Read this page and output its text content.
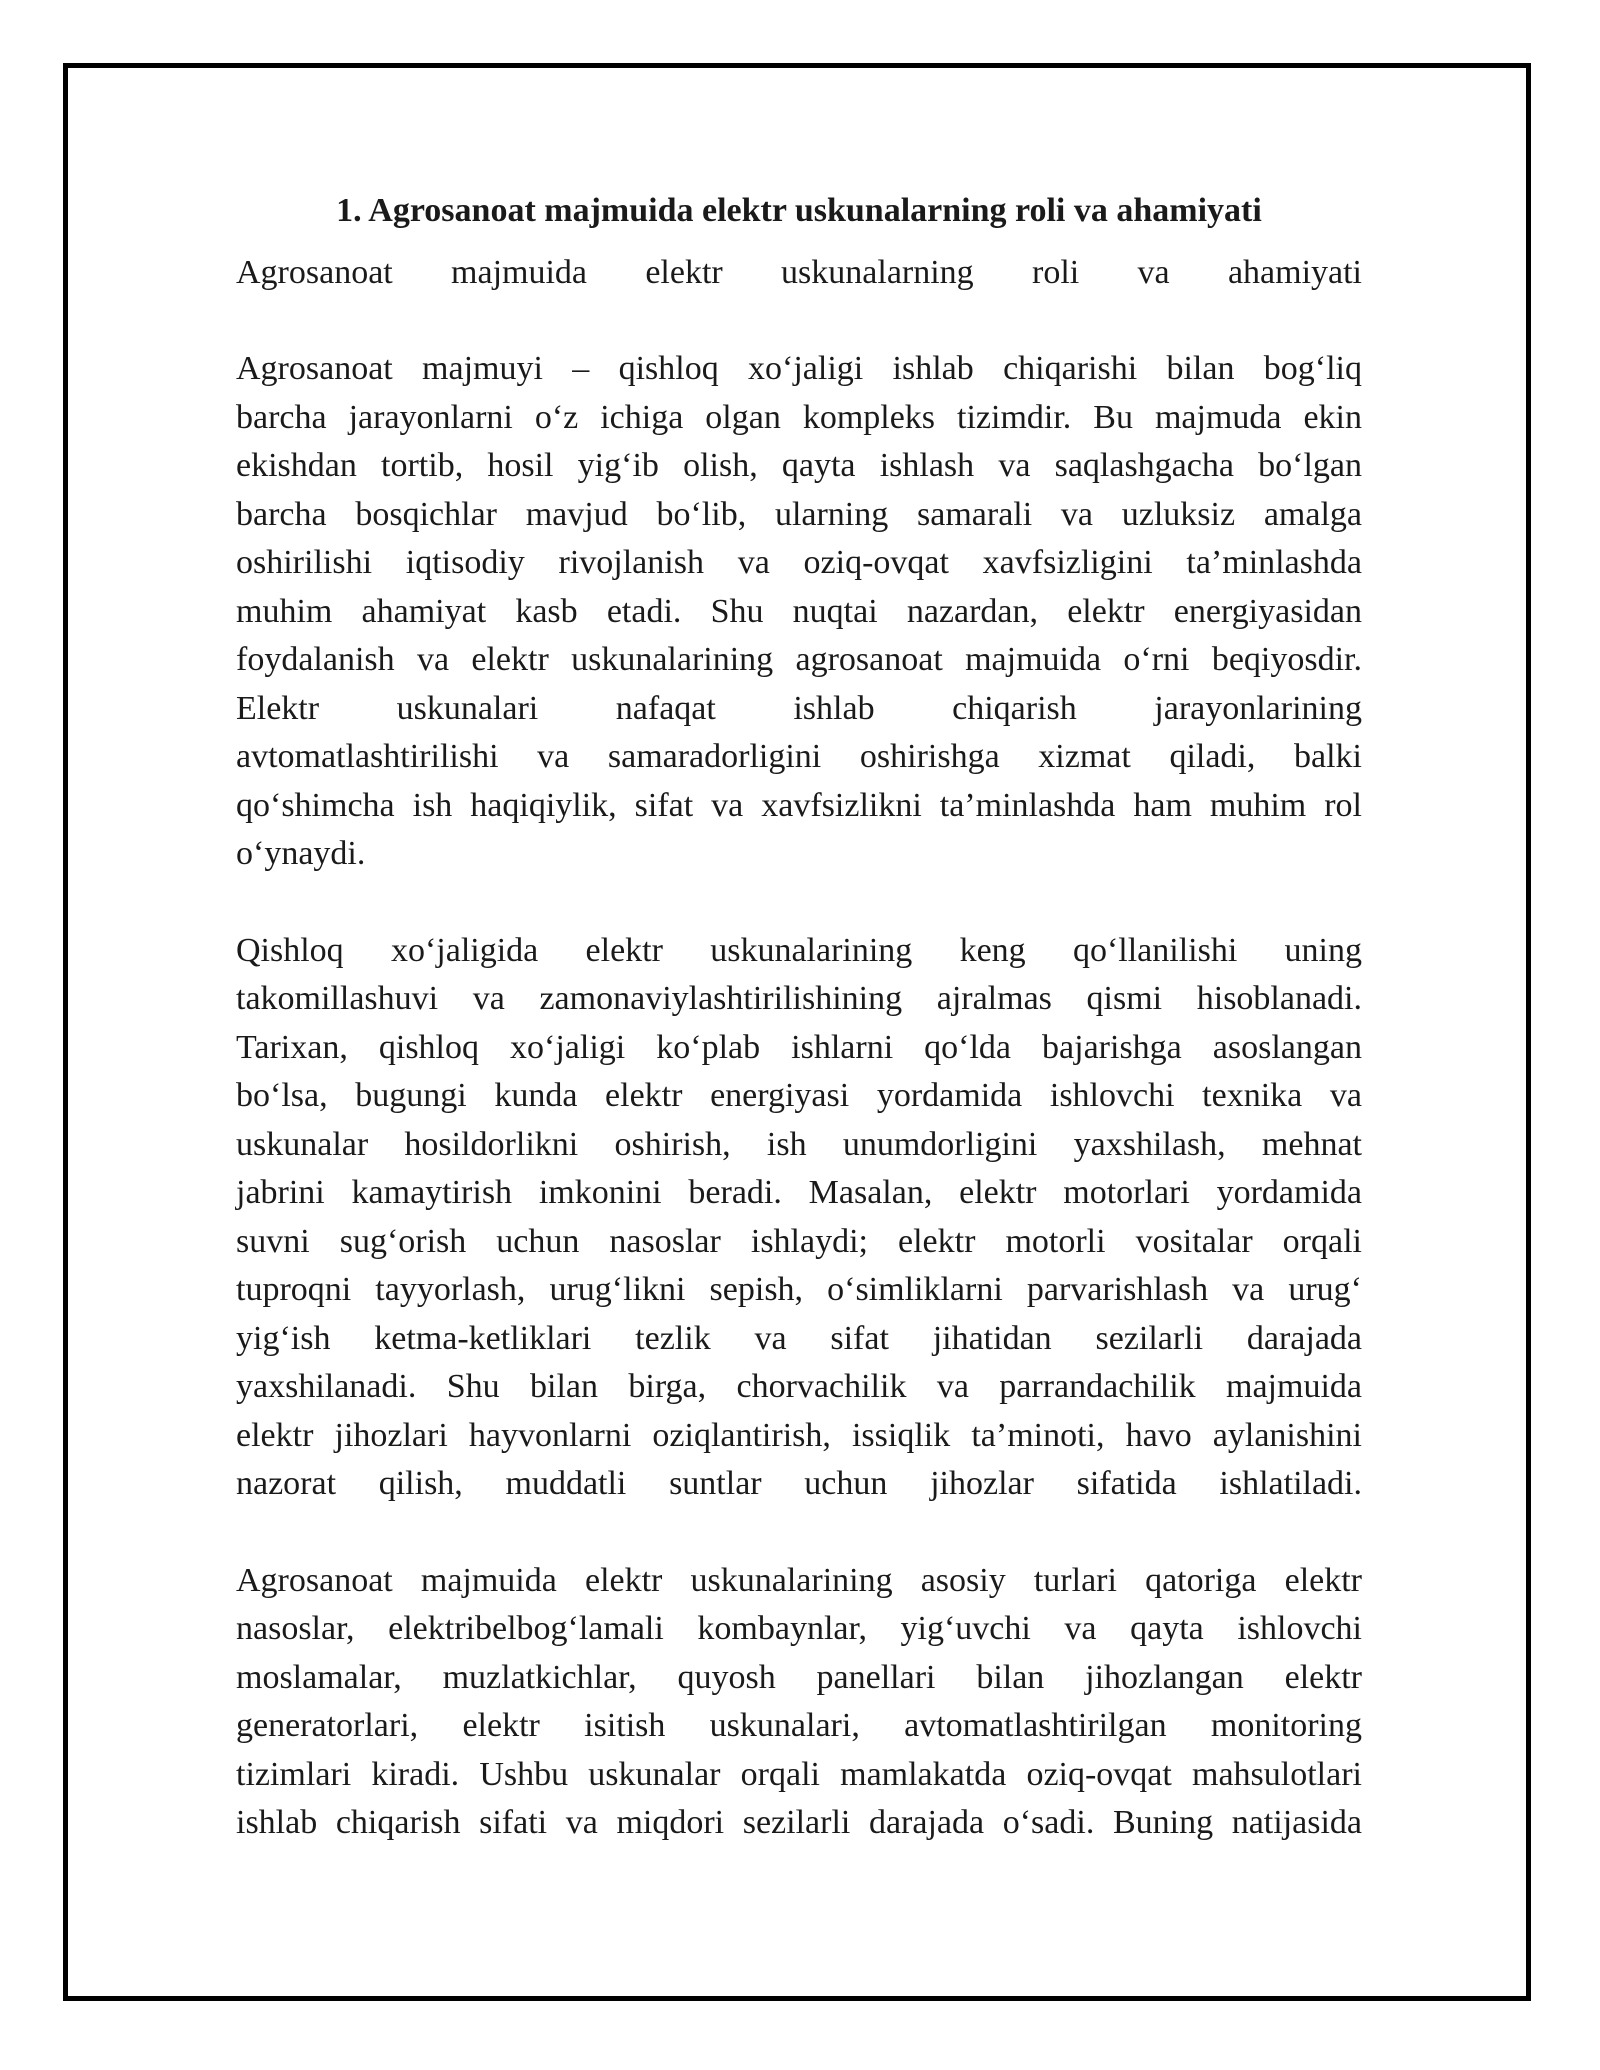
1. Agrosanoat majmuida elektr uskunalarning roli va ahamiyati

Agrosanoat majmuida elektr uskunalarning roli va ahamiyati

Agrosanoat majmuyi – qishloq xo‘jaligi ishlab chiqarishi bilan bog‘liq
barcha jarayonlarni o‘z ichiga olgan kompleks tizimdir. Bu majmuda ekin
ekishdan tortib, hosil yig‘ib olish, qayta ishlash va saqlashgacha bo‘lgan
barcha bosqichlar mavjud bo‘lib, ularning samarali va uzluksiz amalga
oshirilishi iqtisodiy rivojlanish va oziq-ovqat xavfsizligini ta’minlashda
muhim ahamiyat kasb etadi. Shu nuqtai nazardan, elektr energiyasidan
foydalanish va elektr uskunalarining agrosanoat majmuida o‘rni beqiyosdir.
Elektr uskunalari nafaqat ishlab chiqarish jarayonlarining
avtomatlashtirilishi va samaradorligini oshirishga xizmat qiladi, balki
qo‘shimcha ish haqiqiylik, sifat va xavfsizlikni ta’minlashda ham muhim rol
o‘ynaydi.

Qishloq xo‘jaligida elektr uskunalarining keng qo‘llanilishi uning
takomillashuvi va zamonaviylashtirilishining ajralmas qismi hisoblanadi.
Tarixan, qishloq xo‘jaligi ko‘plab ishlarni qo‘lda bajarishga asoslangan
bo‘lsa, bugungi kunda elektr energiyasi yordamida ishlovchi texnika va
uskunalar hosildorlikni oshirish, ish unumdorligini yaxshilash, mehnat
jabrini kamaytirish imkonini beradi. Masalan, elektr motorlari yordamida
suvni sug‘orish uchun nasoslar ishlaydi; elektr motorli vositalar orqali
tuproqni tayyorlash, urug‘likni sepish, o‘simliklarni parvarishlash va urug‘
yig‘ish ketma-ketliklari tezlik va sifat jihatidan sezilarli darajada
yaxshilanadi. Shu bilan birga, chorvachilik va parrandachilik majmuida
elektr jihozlari hayvonlarni oziqlantirish, issiqlik ta’minoti, havo aylanishini
nazorat qilish, muddatli suntlar uchun jihozlar sifatida ishlatiladi.

Agrosanoat majmuida elektr uskunalarining asosiy turlari qatoriga elektr
nasoslar, elektribelbog‘lamali kombaynlar, yig‘uvchi va qayta ishlovchi
moslamalar, muzlatkichlar, quyosh panellari bilan jihozlangan elektr
generatorlari, elektr isitish uskunalari, avtomatlashtirilgan monitoring
tizimlari kiradi. Ushbu uskunalar orqali mamlakatda oziq-ovqat mahsulotlari
ishlab chiqarish sifati va miqdori sezilarli darajada o‘sadi. Buning natijasida
